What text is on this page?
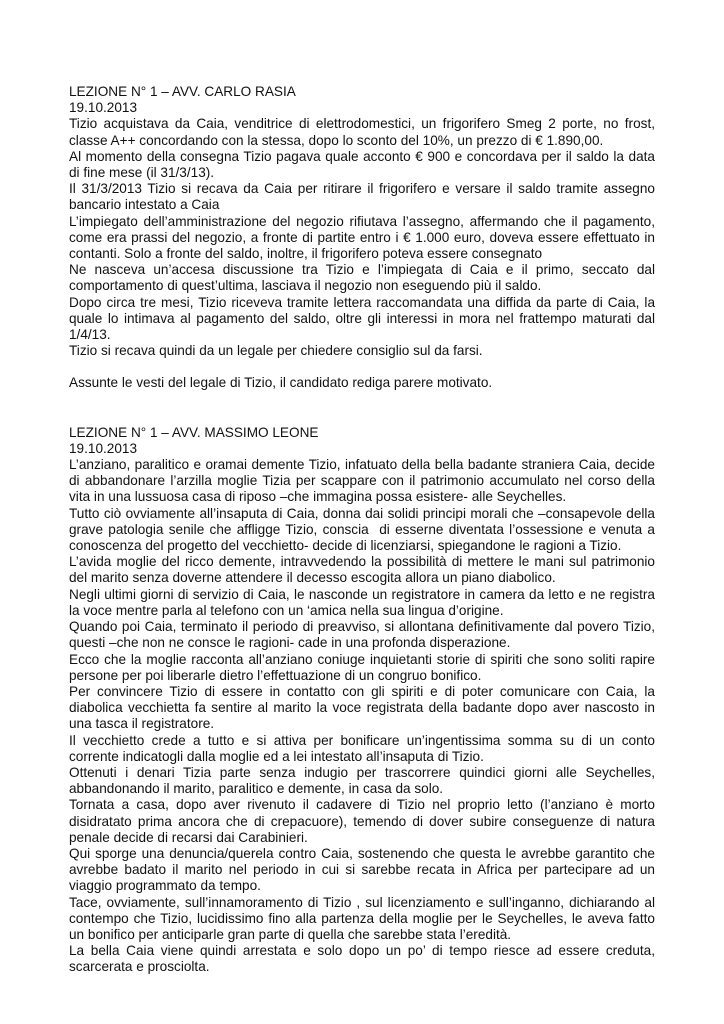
LEZIONE N° 1 – AVV. CARLO RASIA

19.10.2013

Tizio acquistava da Caia, venditrice di elettrodomestici, un frigorifero Smeg 2 porte, no frost, classe A++ concordando con la stessa, dopo lo sconto del 10%, un prezzo di € 1.890,00.

Al momento della consegna Tizio pagava quale acconto € 900 e concordava per il saldo la data di fine mese (il 31/3/13).

Il 31/3/2013 Tizio si recava da Caia per ritirare il frigorifero e versare il saldo tramite assegno bancario intestato a Caia

L’impiegato dell’amministrazione del negozio rifiutava l’assegno, affermando che il pagamento, come era prassi del negozio, a fronte di partite entro i € 1.000 euro, doveva essere effettuato in contanti. Solo a fronte del saldo, inoltre, il frigorifero poteva essere consegnato

Ne nasceva un’accesa discussione tra Tizio e l’impiegata di Caia e il primo, seccato dal comportamento di quest’ultima, lasciava il negozio non eseguendo più il saldo.

Dopo circa tre mesi, Tizio riceveva tramite lettera raccomandata una diffida da parte di Caia, la quale lo intimava al pagamento del saldo, oltre gli interessi in mora nel frattempo maturati dal 1/4/13.

Tizio si recava quindi da un legale per chiedere consiglio sul da farsi.

Assunte le vesti del legale di Tizio, il candidato rediga parere motivato.

LEZIONE N° 1 – AVV. MASSIMO LEONE

19.10.2013

L’anziano, paralitico e oramai demente Tizio, infatuato della bella badante straniera Caia, decide di abbandonare l’arzilla moglie Tizia per scappare con il patrimonio accumulato nel corso della vita in una lussuosa casa di riposo –che immagina possa esistere- alle Seychelles.

Tutto ciò ovviamente all’insaputa di Caia, donna dai solidi principi morali che –consapevole della grave patologia senile che affligge Tizio, conscia  di esserne diventata l’ossessione e venuta a conoscenza del progetto del vecchietto- decide di licenziarsi, spiegandone le ragioni a Tizio.

L’avida moglie del ricco demente, intravvedendo la possibilità di mettere le mani sul patrimonio del marito senza doverne attendere il decesso escogita allora un piano diabolico.

Negli ultimi giorni di servizio di Caia, le nasconde un registratore in camera da letto e ne registra la voce mentre parla al telefono con un ‘amica nella sua lingua d’origine.

Quando poi Caia, terminato il periodo di preavviso, si allontana definitivamente dal povero Tizio, questi –che non ne consce le ragioni- cade in una profonda disperazione.

Ecco che la moglie racconta all’anziano coniuge inquietanti storie di spiriti che sono soliti rapire persone per poi liberarle dietro l’effettuazione di un congruo bonifico.

Per convincere Tizio di essere in contatto con gli spiriti e di poter comunicare con Caia, la diabolica vecchietta fa sentire al marito la voce registrata della badante dopo aver nascosto in una tasca il registratore.

Il vecchietto crede a tutto e si attiva per bonificare un’ingentissima somma su di un conto corrente indicatogli dalla moglie ed a lei intestato all’insaputa di Tizio.

Ottenuti i denari Tizia parte senza indugio per trascorrere quindici giorni alle Seychelles, abbandonando il marito, paralitico e demente, in casa da solo.

Tornata a casa, dopo aver rivenuto il cadavere di Tizio nel proprio letto (l’anziano è morto disidratato prima ancora che di crepacuore), temendo di dover subire conseguenze di natura penale decide di recarsi dai Carabinieri.

Qui sporge una denuncia/querela contro Caia, sostenendo che questa le avrebbe garantito che avrebbe badato il marito nel periodo in cui si sarebbe recata in Africa per partecipare ad un viaggio programmato da tempo.

Tace, ovviamente, sull’innamoramento di Tizio , sul licenziamento e sull’inganno, dichiarando al contempo che Tizio, lucidissimo fino alla partenza della moglie per le Seychelles, le aveva fatto un bonifico per anticiparle gran parte di quella che sarebbe stata l’eredità.

La bella Caia viene quindi arrestata e solo dopo un po’ di tempo riesce ad essere creduta, scarcerata e prosciolta.
